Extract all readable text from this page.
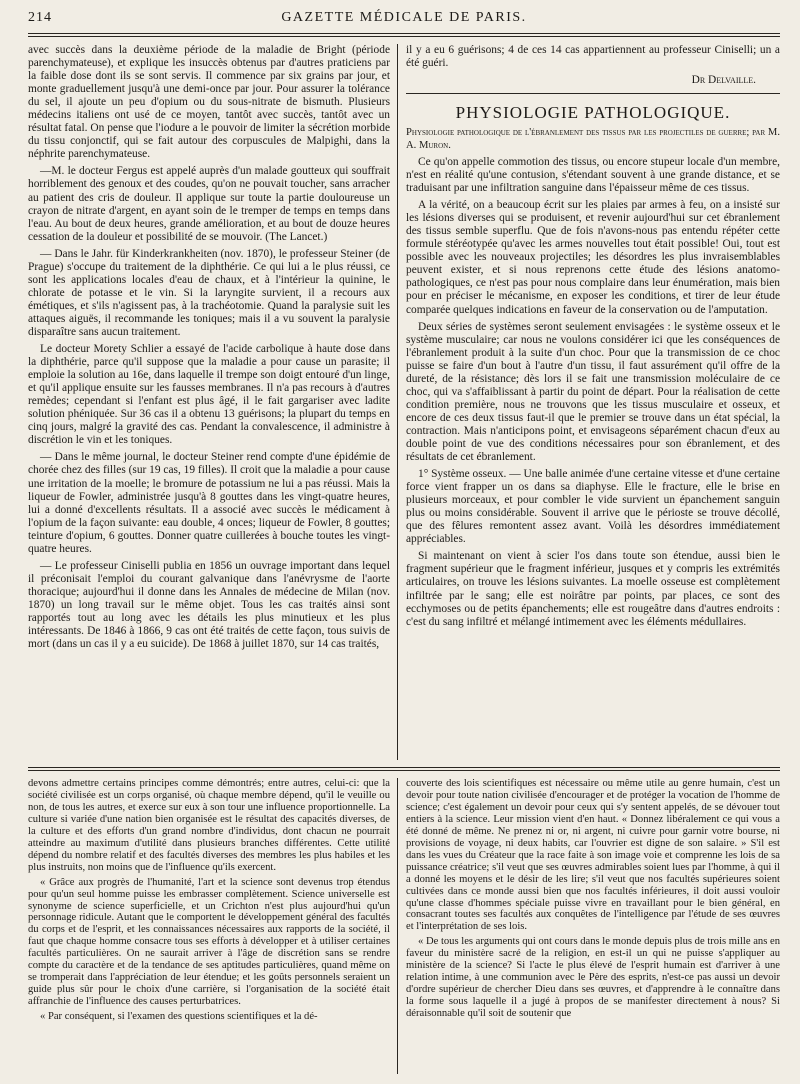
214	GAZETTE MÉDICALE DE PARIS.

avec succès dans la deuxième période de la maladie de Bright (période parenchymateuse), et explique les insuccès obtenus par d'autres praticiens par la faible dose dont ils se sont servis. Il commence par six grains par jour, et monte graduellement jusqu'à une demi-once par jour. Pour assurer la tolérance du sel, il ajoute un peu d'opium ou du sous-nitrate de bismuth. Plusieurs médecins italiens ont usé de ce moyen, tantôt avec succès, tantôt avec un résultat fatal. On pense que l'iodure a le pouvoir de limiter la sécrétion morbide du tissu conjonctif, qui se fait autour des corpuscules de Malpighi, dans la néphrite parenchymateuse.

—M. le docteur Fergus est appelé auprès d'un malade goutteux qui souffrait horriblement des genoux et des coudes, qu'on ne pouvait toucher, sans arracher au patient des cris de douleur. Il applique sur toute la partie douloureuse un crayon de nitrate d'argent, en ayant soin de le tremper de temps en temps dans l'eau. Au bout de deux heures, grande amélioration, et au bout de douze heures cessation de la douleur et possibilité de se mouvoir. (The Lancet.)

— Dans le Jahr. für Kinderkrankheiten (nov. 1870), le professeur Steiner (de Prague) s'occupe du traitement de la diphthérie. Ce qui lui a le plus réussi, ce sont les applications locales d'eau de chaux, et à l'intérieur la quinine, le chlorate de potasse et le vin. Si la laryngite survient, il a recours aux émétiques, et s'ils n'agissent pas, à la trachéotomie. Quand la paralysie suit les attaques aiguës, il recommande les toniques; mais il a vu souvent la paralysie disparaître sans aucun traitement.

Le docteur Morety Schlier a essayé de l'acide carbolique à haute dose dans la diphthérie, parce qu'il suppose que la maladie a pour cause un parasite; il emploie la solution au 16e, dans laquelle il trempe son doigt entouré d'un linge, et qu'il applique ensuite sur les fausses membranes. Il n'a pas recours à d'autres remèdes; cependant si l'enfant est plus âgé, il le fait gargariser avec ladite solution phéniquée. Sur 36 cas il a obtenu 13 guérisons; la plupart du temps en cinq jours, malgré la gravité des cas. Pendant la convalescence, il administre à discrétion le vin et les toniques.

— Dans le même journal, le docteur Steiner rend compte d'une épidémie de chorée chez des filles (sur 19 cas, 19 filles). Il croit que la maladie a pour cause une irritation de la moelle; le bromure de potassium ne lui a pas réussi. Mais la liqueur de Fowler, administrée jusqu'à 8 gouttes dans les vingt-quatre heures, lui a donné d'excellents résultats. Il a associé avec succès le médicament à l'opium de la façon suivante: eau double, 4 onces; liqueur de Fowler, 8 gouttes; teinture d'opium, 6 gouttes. Donner quatre cuillerées à bouche toutes les vingt-quatre heures.

— Le professeur Ciniselli publia en 1856 un ouvrage important dans lequel il préconisait l'emploi du courant galvanique dans l'anévrysme de l'aorte thoracique; aujourd'hui il donne dans les Annales de médecine de Milan (nov. 1870) un long travail sur le même objet. Tous les cas traités ainsi sont rapportés tout au long avec les détails les plus minutieux et les plus intéressants. De 1846 à 1866, 9 cas ont été traités de cette façon, tous suivis de mort (dans un cas il y a eu suicide). De 1868 à juillet 1870, sur 14 cas traités,

il y a eu 6 guérisons; 4 de ces 14 cas appartiennent au professeur Ciniselli; un a été guéri.

Dr Delvaille.
PHYSIOLOGIE PATHOLOGIQUE.

Physiologie pathologique de l'ébranlement des tissus par les projectiles de guerre; par M. A. Muron.

Ce qu'on appelle commotion des tissus, ou encore stupeur locale d'un membre, n'est en réalité qu'une contusion, s'étendant souvent à une grande distance, et se traduisant par une infiltration sanguine dans l'épaisseur même de ces tissus.

A la vérité, on a beaucoup écrit sur les plaies par armes à feu, on a insisté sur les lésions diverses qui se produisent, et revenir aujourd'hui sur cet ébranlement des tissus semble superflu. Que de fois n'avons-nous pas entendu répéter cette formule stéréotypée qu'avec les armes nouvelles tout était possible! Oui, tout est possible avec les nouveaux projectiles; les désordres les plus invraisemblables peuvent exister, et si nous reprenons cette étude des lésions anatomo-pathologiques, ce n'est pas pour nous complaire dans leur énumération, mais bien pour en préciser le mécanisme, en exposer les conditions, et tirer de leur étude comparée quelques indications en faveur de la conservation ou de l'amputation.

Deux séries de systèmes seront seulement envisagées : le système osseux et le système musculaire; car nous ne voulons considérer ici que les conséquences de l'ébranlement produit à la suite d'un choc. Pour que la transmission de ce choc puisse se faire d'un bout à l'autre d'un tissu, il faut assurément qu'il offre de la dureté, de la résistance; dès lors il se fait une transmission moléculaire de ce choc, qui va s'affaiblissant à partir du point de départ. Pour la réalisation de cette condition première, nous ne trouvons que les tissus musculaire et osseux, et encore de ces deux tissus faut-il que le premier se trouve dans un état spécial, la contraction. Mais n'anticipons point, et envisageons séparément chacun d'eux au double point de vue des conditions nécessaires pour son ébranlement, et des résultats de cet ébranlement.

1° Système osseux. — Une balle animée d'une certaine vitesse et d'une certaine force vient frapper un os dans sa diaphyse. Elle le fracture, elle le brise en plusieurs morceaux, et pour combler le vide survient un épanchement sanguin plus ou moins considérable. Souvent il arrive que le périoste se trouve décollé, que des fêlures remontent assez avant. Voilà les désordres immédiatement appréciables.

Si maintenant on vient à scier l'os dans toute son étendue, aussi bien le fragment supérieur que le fragment inférieur, jusques et y compris les extrémités articulaires, on trouve les lésions suivantes. La moelle osseuse est complètement infiltrée par le sang; elle est noirâtre par points, par places, ce sont des ecchymoses ou de petits épanchements; elle est rougeâtre dans d'autres endroits : c'est du sang infiltré et mélangé intimement avec les éléments médullaires.

devons admettre certains principes comme démontrés; entre autres, celui-ci: que la société civilisée est un corps organisé, où chaque membre dépend, qu'il le veuille ou non, de tous les autres, et exerce sur eux à son tour une influence proportionnelle. La culture si variée d'une nation bien organisée est le résultat des capacités diverses, de la culture et des efforts d'un grand nombre d'individus, dont chacun ne pourrait atteindre au maximum d'utilité dans plusieurs branches différentes. Cette utilité dépend du nombre relatif et des facultés diverses des membres les plus habiles et les plus instruits, non moins que de l'influence qu'ils exercent.

« Grâce aux progrès de l'humanité, l'art et la science sont devenus trop étendus pour qu'un seul homme puisse les embrasser complètement. Science universelle est synonyme de science superficielle, et un Crichton n'est plus aujourd'hui qu'un personnage ridicule. Autant que le comportent le développement général des facultés du corps et de l'esprit, et les connaissances nécessaires aux rapports de la société, il faut que chaque homme consacre tous ses efforts à développer et à utiliser certaines facultés particulières. On ne saurait arriver à l'âge de discrétion sans se rendre compte du caractère et de la tendance de ses aptitudes particulières, quand même on se tromperait dans l'appréciation de leur étendue; et les goûts personnels seraient un guide plus sûr pour le choix d'une carrière, si l'organisation de la société était affranchie de l'influence des causes perturbatrices.

« Par conséquent, si l'examen des questions scientifiques et la dé-

couverte des lois scientifiques est nécessaire ou même utile au genre humain, c'est un devoir pour toute nation civilisée d'encourager et de protéger la vocation de l'homme de science; c'est également un devoir pour ceux qui s'y sentent appelés, de se dévouer tout entiers à la science. Leur mission vient d'en haut. « Donnez libéralement ce qui vous a été donné de même. Ne prenez ni or, ni argent, ni cuivre pour garnir votre bourse, ni provisions de voyage, ni deux habits, car l'ouvrier est digne de son salaire. » S'il est dans les vues du Créateur que la race faite à son image voie et comprenne les lois de sa puissance créatrice; s'il veut que ses œuvres admirables soient lues par l'homme, à qui il a donné les moyens et le désir de les lire; s'il veut que nos facultés supérieures soient cultivées dans ce monde aussi bien que nos facultés inférieures, il doit aussi vouloir qu'une classe d'hommes spéciale puisse vivre en travaillant pour le bien général, en consacrant toutes ses facultés aux conquêtes de l'intelligence par l'étude de ses œuvres et l'interprétation de ses lois.

« De tous les arguments qui ont cours dans le monde depuis plus de trois mille ans en faveur du ministère sacré de la religion, en est-il un qui ne puisse s'appliquer au ministère de la science? Si l'acte le plus élevé de l'esprit humain est d'arriver à une relation intime, à une communion avec le Père des esprits, n'est-ce pas aussi un devoir d'ordre supérieur de chercher Dieu dans ses œuvres, et d'apprendre à le connaître dans la forme sous laquelle il a jugé à propos de se manifester directement à nous? Si déraisonnable qu'il soit de soutenir que
